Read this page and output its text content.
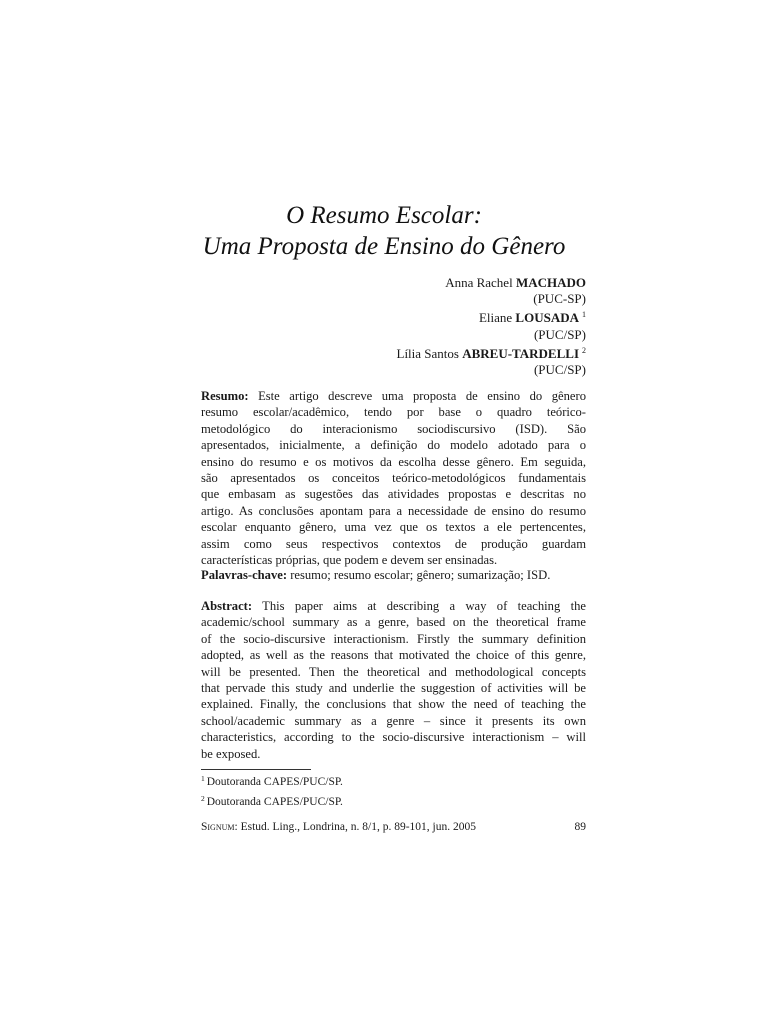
O Resumo Escolar:
Uma Proposta de Ensino do Gênero
Anna Rachel MACHADO
(PUC-SP)
Eliane LOUSADA $^1$
(PUC/SP)
Lília Santos ABREU-TARDELLI $^2$
(PUC/SP)
Resumo: Este artigo descreve uma proposta de ensino do gênero
resumo escolar/acadêmico, tendo por base o quadro teórico-
metodológico do interacionismo sociodiscursivo (ISD). São
apresentados, inicialmente, a definição do modelo adotado para o
ensino do resumo e os motivos da escolha desse gênero. Em seguida,
são apresentados os conceitos teórico-metodológicos fundamentais
que embasam as sugestões das atividades propostas e descritas no
artigo. As conclusões apontam para a necessidade de ensino do resumo
escolar enquanto gênero, uma vez que os textos a ele pertencentes,
assim como seus respectivos contextos de produção guardam
características próprias, que podem e devem ser ensinadas.
Palavras-chave: resumo; resumo escolar; gênero; sumarização; ISD.
Abstract: This paper aims at describing a way of teaching the
academic/school summary as a genre, based on the theoretical frame
of the socio-discursive interactionism. Firstly the summary definition
adopted, as well as the reasons that motivated the choice of this genre,
will be presented. Then the theoretical and methodological concepts
that pervade this study and underlie the suggestion of activities will be
explained. Finally, the conclusions that show the need of teaching the
school/academic summary as a genre – since it presents its own
characteristics, according to the socio-discursive interactionism – will
be exposed.
$^1$ Doutoranda CAPES/PUC/SP.
$^2$ Doutoranda CAPES/PUC/SP.
Signum: Estud. Ling., Londrina, n. 8/1, p. 89-101, jun. 2005	89
